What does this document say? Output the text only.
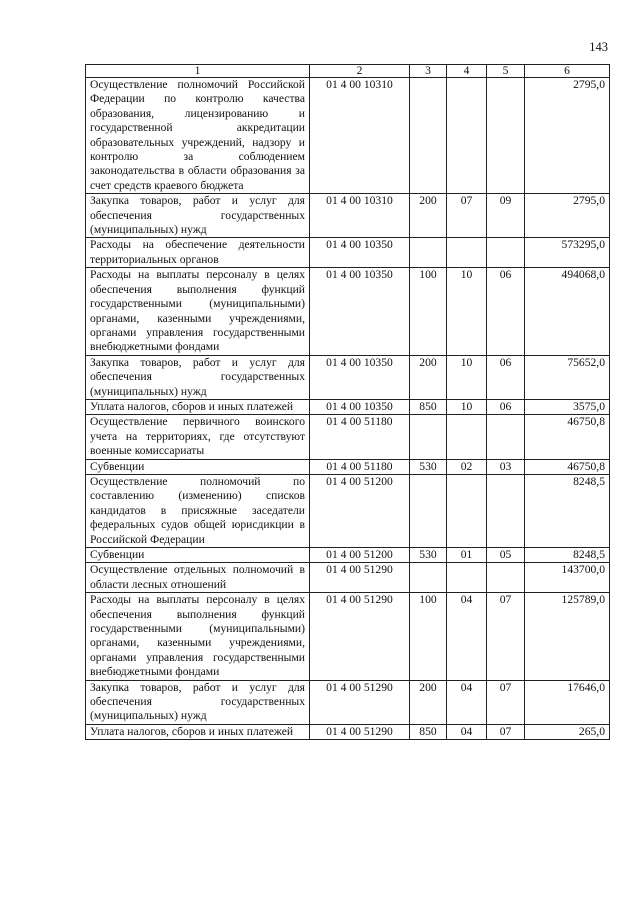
143
1	2	3	4	5	6
Осуществление полномочий Российской Федерации по контролю качества образования, лицензированию и государственной аккредитации образовательных учреждений, надзору и контролю за соблюдением законодательства в области образования за счет средств краевого бюджета	01 4 00 10310				2795,0
Закупка товаров, работ и услуг для обеспечения государственных (муниципальных) нужд	01 4 00 10310	200	07	09	2795,0
Расходы на обеспечение деятельности территориальных органов	01 4 00 10350				573295,0
Расходы на выплаты персоналу в целях обеспечения выполнения функций государственными (муниципальными) органами, казенными учреждениями, органами управления государственными внебюджетными фондами	01 4 00 10350	100	10	06	494068,0
Закупка товаров, работ и услуг для обеспечения государственных (муниципальных) нужд	01 4 00 10350	200	10	06	75652,0
Уплата налогов, сборов и иных платежей	01 4 00 10350	850	10	06	3575,0
Осуществление первичного воинского учета на территориях, где отсутствуют военные комиссариаты	01 4 00 51180				46750,8
Субвенции	01 4 00 51180	530	02	03	46750,8
Осуществление полномочий по составлению (изменению) списков кандидатов в присяжные заседатели федеральных судов общей юрисдикции в Российской Федерации	01 4 00 51200				8248,5
Субвенции	01 4 00 51200	530	01	05	8248,5
Осуществление отдельных полномочий в области лесных отношений	01 4 00 51290				143700,0
Расходы на выплаты персоналу в целях обеспечения выполнения функций государственными (муниципальными) органами, казенными учреждениями, органами управления государственными внебюджетными фондами	01 4 00 51290	100	04	07	125789,0
Закупка товаров, работ и услуг для обеспечения государственных (муниципальных) нужд	01 4 00 51290	200	04	07	17646,0
Уплата налогов, сборов и иных платежей	01 4 00 51290	850	04	07	265,0
